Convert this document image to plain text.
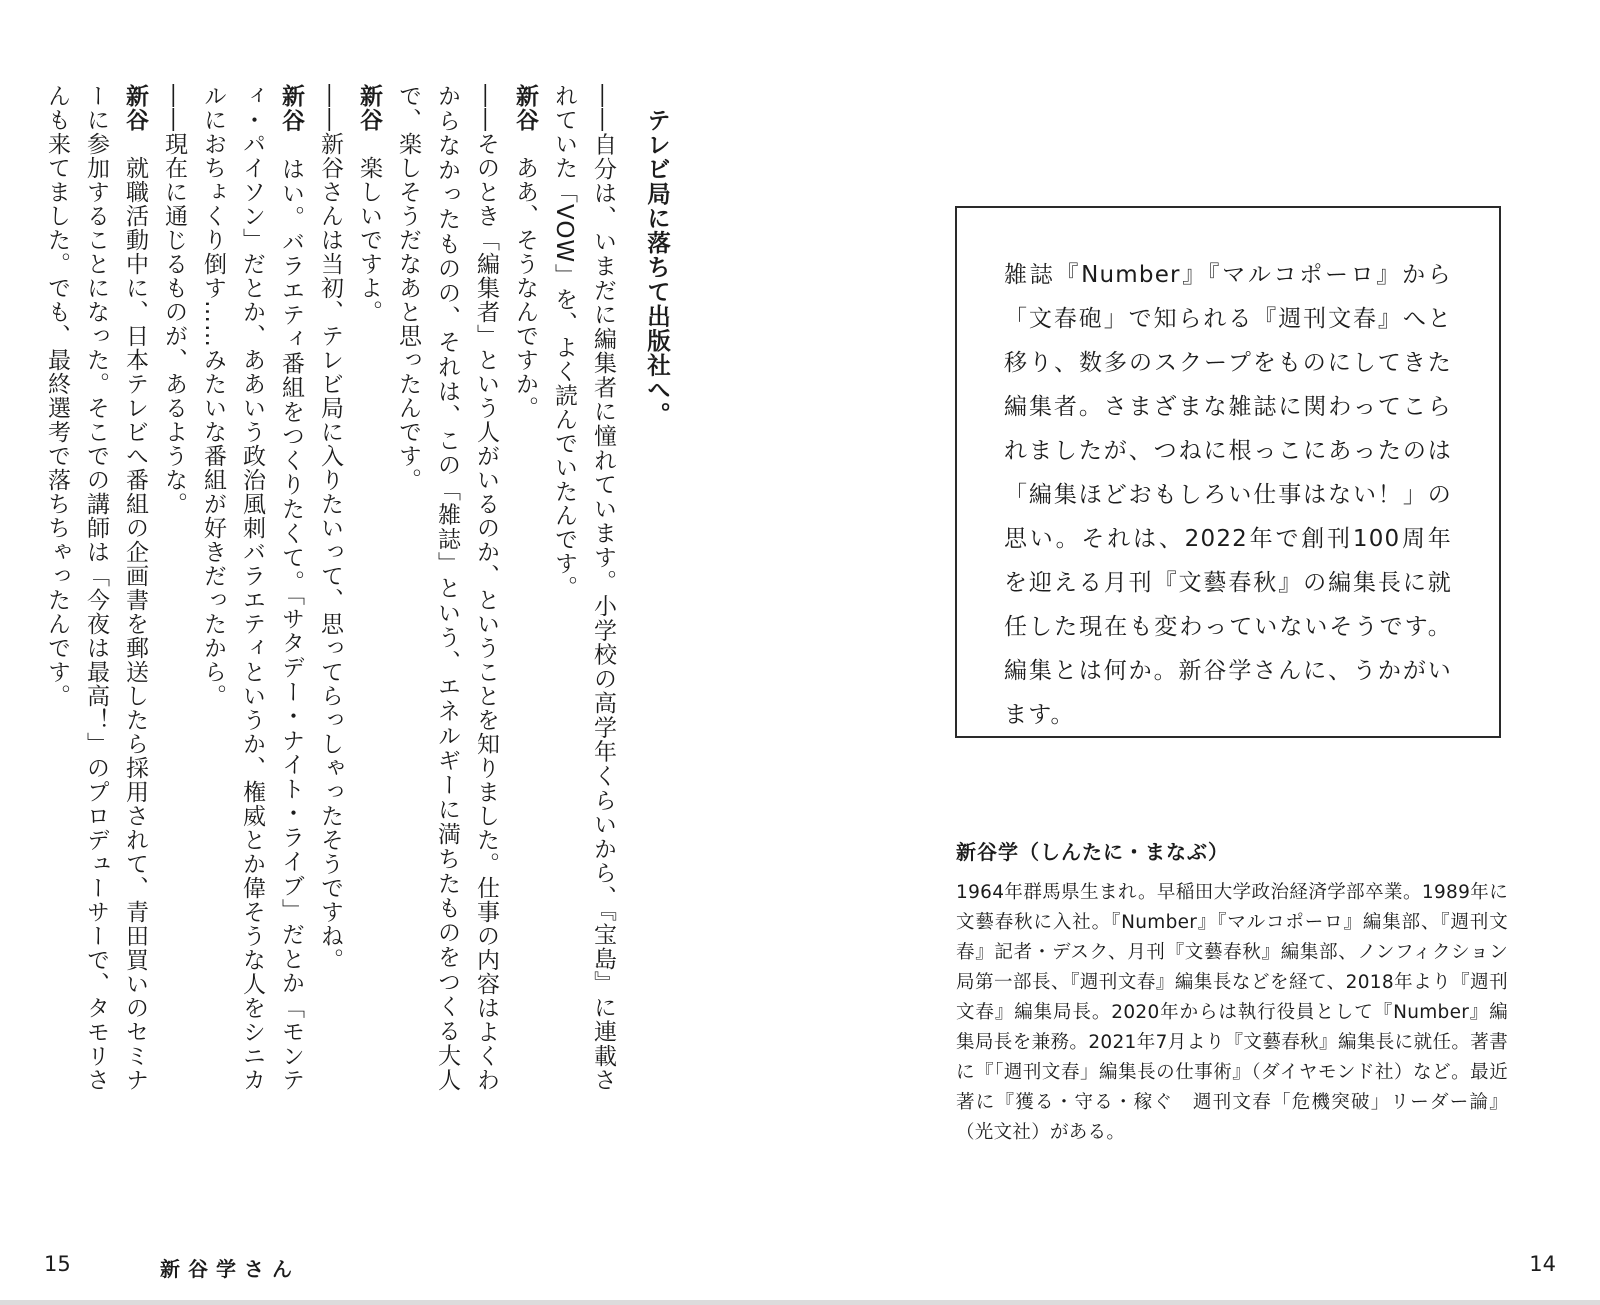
テレビ局に落ちて出版社へ。

――自分は、いまだに編集者に憧れています。小学校の高学年くらいから、『宝島』に連載されていた「VOW」を、よく読んでいたんです。

新谷　ああ、そうなんですか。

――そのとき「編集者」という人がいるのか、ということを知りました。仕事の内容はよくわからなかったものの、それは、この「雑誌」という、エネルギーに満ちたものをつくる大人で、楽しそうだなあと思ったんです。

新谷　楽しいですよ。

――新谷さんは当初、テレビ局に入りたいって、思ってらっしゃったそうですね。

新谷　はい。バラエティ番組をつくりたくて。「サタデー・ナイト・ライブ」だとか「モンティ・パイソン」だとか、ああいう政治風刺バラエティというか、権威とか偉そうな人をシニカルにおちょくり倒す……みたいな番組が好きだったから。

――現在に通じるものが、あるような。

新谷　就職活動中に、日本テレビへ番組の企画書を郵送したら採用されて、青田買いのセミナーに参加することになった。そこでの講師は「今夜は最高！」のプロデューサーで、タモリさんも来てました。でも、最終選考で落ちちゃったんです。

15	新谷学さん

雑誌『Number』『マルコポーロ』から「文春砲」で知られる『週刊文春』へと移り、数多のスクープをものにしてきた編集者。さまざまな雑誌に関わってこられましたが、つねに根っこにあったのは「編集ほどおもしろい仕事はない！」の思い。それは、2022年で創刊100周年を迎える月刊『文藝春秋』の編集長に就任した現在も変わっていないそうです。編集とは何か。新谷学さんに、うかがいます。

新谷学（しんたに・まなぶ）

1964年群馬県生まれ。早稲田大学政治経済学部卒業。1989年に文藝春秋に入社。『Number』『マルコポーロ』編集部、『週刊文春』記者・デスク、月刊『文藝春秋』編集部、ノンフィクション局第一部長、『週刊文春』編集長などを経て、2018年より『週刊文春』編集局長。2020年からは執行役員として『Number』編集局長を兼務。2021年7月より『文藝春秋』編集長に就任。著書に『「週刊文春」編集長の仕事術』（ダイヤモンド社）など。最近著に『獲る・守る・稼ぐ　週刊文春「危機突破」リーダー論』（光文社）がある。

14
